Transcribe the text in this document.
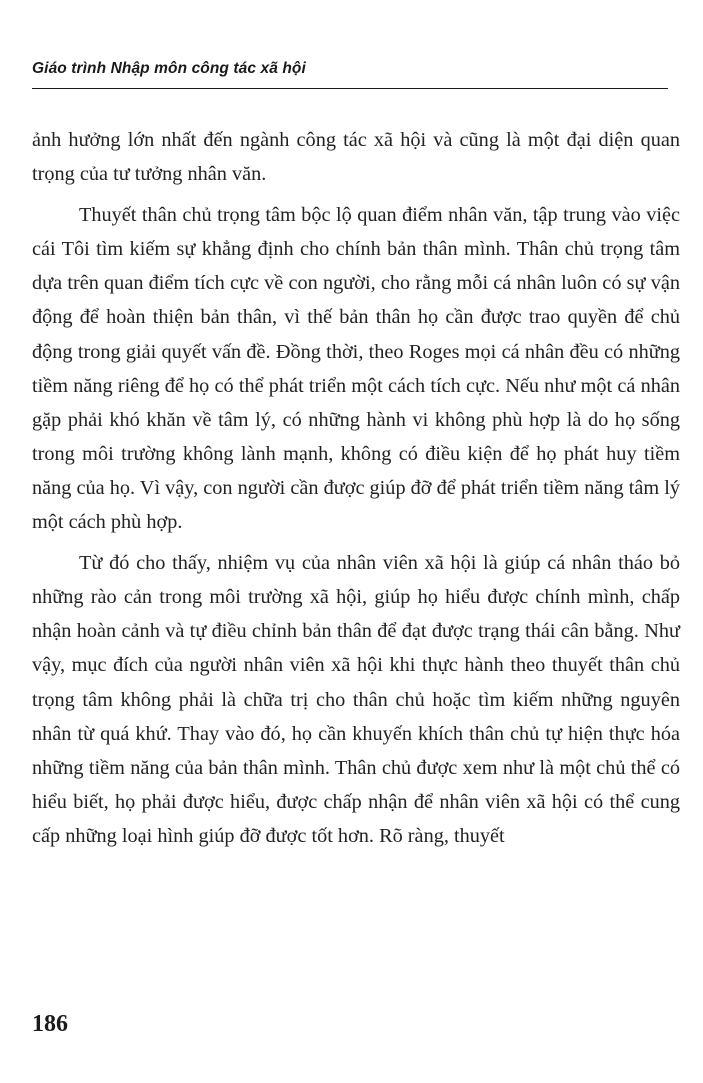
Giáo trình Nhập môn công tác xã hội

ảnh hưởng lớn nhất đến ngành công tác xã hội và cũng là một đại diện quan trọng của tư tưởng nhân văn.

Thuyết thân chủ trọng tâm bộc lộ quan điểm nhân văn, tập trung vào việc cái Tôi tìm kiếm sự khẳng định cho chính bản thân mình. Thân chủ trọng tâm dựa trên quan điểm tích cực về con người, cho rằng mỗi cá nhân luôn có sự vận động để hoàn thiện bản thân, vì thế bản thân họ cần được trao quyền để chủ động trong giải quyết vấn đề. Đồng thời, theo Roges mọi cá nhân đều có những tiềm năng riêng để họ có thể phát triển một cách tích cực. Nếu như một cá nhân gặp phải khó khăn về tâm lý, có những hành vi không phù hợp là do họ sống trong môi trường không lành mạnh, không có điều kiện để họ phát huy tiềm năng của họ. Vì vậy, con người cần được giúp đỡ để phát triển tiềm năng tâm lý một cách phù hợp.

Từ đó cho thấy, nhiệm vụ của nhân viên xã hội là giúp cá nhân tháo bỏ những rào cản trong môi trường xã hội, giúp họ hiểu được chính mình, chấp nhận hoàn cảnh và tự điều chỉnh bản thân để đạt được trạng thái cân bằng. Như vậy, mục đích của người nhân viên xã hội khi thực hành theo thuyết thân chủ trọng tâm không phải là chữa trị cho thân chủ hoặc tìm kiếm những nguyên nhân từ quá khứ. Thay vào đó, họ cần khuyến khích thân chủ tự hiện thực hóa những tiềm năng của bản thân mình. Thân chủ được xem như là một chủ thể có hiểu biết, họ phải được hiểu, được chấp nhận để nhân viên xã hội có thể cung cấp những loại hình giúp đỡ được tốt hơn. Rõ ràng, thuyết

186
